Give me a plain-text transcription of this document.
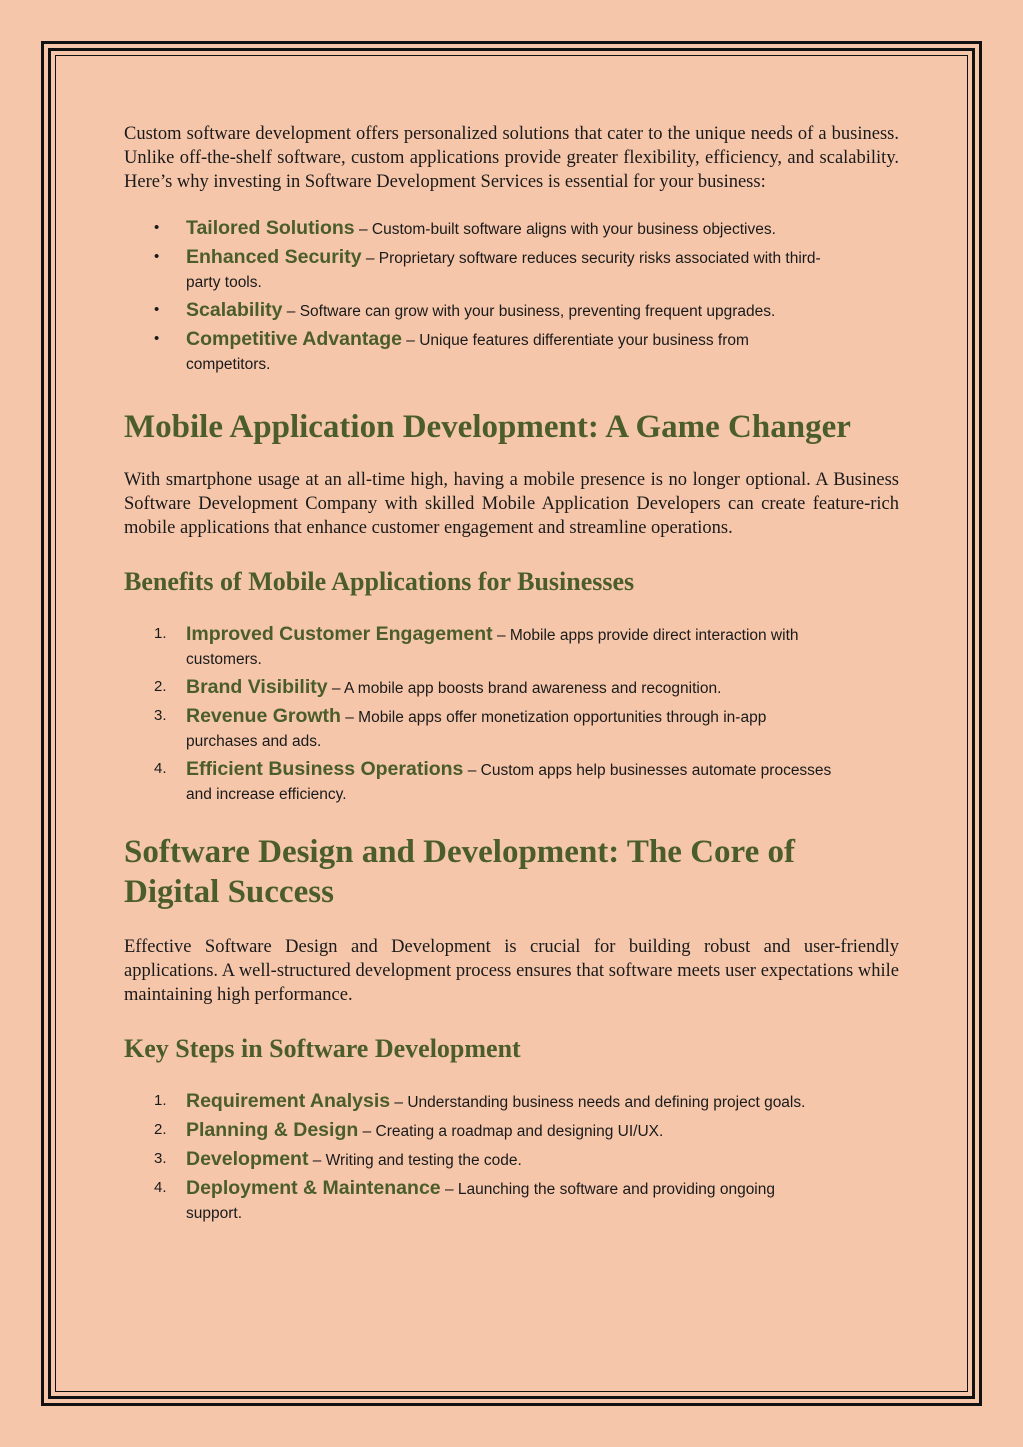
Custom software development offers personalized solutions that cater to the unique needs of a business. Unlike off-the-shelf software, custom applications provide greater flexibility, efficiency, and scalability. Here’s why investing in Software Development Services is essential for your business:

• Tailored Solutions – Custom-built software aligns with your business objectives.
• Enhanced Security – Proprietary software reduces security risks associated with third-
party tools.
• Scalability – Software can grow with your business, preventing frequent upgrades.
• Competitive Advantage – Unique features differentiate your business from
competitors.
Mobile Application Development: A Game Changer

With smartphone usage at an all-time high, having a mobile presence is no longer optional. A Business Software Development Company with skilled Mobile Application Developers can create feature-rich mobile applications that enhance customer engagement and streamline operations.

Benefits of Mobile Applications for Businesses
1. Improved Customer Engagement – Mobile apps provide direct interaction with
customers.
2. Brand Visibility – A mobile app boosts brand awareness and recognition.
3. Revenue Growth – Mobile apps offer monetization opportunities through in-app
purchases and ads.
4. Efficient Business Operations – Custom apps help businesses automate processes
and increase efficiency.
Software Design and Development: The Core of
Digital Success

Effective Software Design and Development is crucial for building robust and user-friendly applications. A well-structured development process ensures that software meets user expectations while maintaining high performance.

Key Steps in Software Development
1. Requirement Analysis – Understanding business needs and defining project goals.
2. Planning & Design – Creating a roadmap and designing UI/UX.
3. Development – Writing and testing the code.
4. Deployment & Maintenance – Launching the software and providing ongoing
support.
